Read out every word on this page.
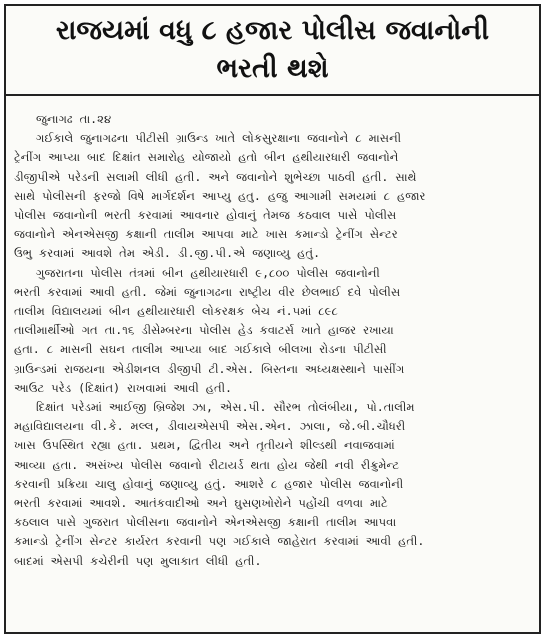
રાજયમાં વધુ ૮ હજાર પોલીસ જવાનોની
ભરતી થશે
જુનાગઢ તા.૨૪
ગઈકાલે જુનાગઢના પીટીસી ગ્રાઉન્ડ ખાતે લોકસુરક્ષાના જવાનોને ૮ માસની
ટ્રેનીંગ આપ્યા બાદ દિક્ષાંત સમારોહ યોજાયો હતો બીન હથીયારધારી જવાનોને
ડીજીપીએ પરેડની સલામી લીધી હતી. અને જવાનોને શુભેચ્છા પાઠવી હતી. સાથે
સાથે પોલીસની ફરજો વિષે માર્ગદર્શન આપ્યુ હતુ. હજુ આગામી સમયમાં ૮ હજાર
પોલીસ જવાનોની ભરતી કરવામાં આવનાર હોવાનું તેમજ કઠવાલ પાસે પોલીસ
જવાનોને એનએસજી કક્ષાની તાલીમ આપવા માટે ખાસ કમાન્ડો ટ્રેનીંગ સેન્ટર
ઉભુ કરવામાં આવશે તેમ એડી. ડી.જી.પી.એ જણાવ્યુ હતું.
ગુજરાતના પોલીસ તંત્રમાં બીન હથીયારધારી ૯,૮૦૦ પોલીસ જવાનોની
ભરતી કરવામાં આવી હતી. જેમાં જુનાગઢના રાષ્ટ્રીય વીર છેલભાઈ દવે પોલીસ
તાલીમ વિદ્યાલયમાં બીન હથીયારધારી લોકરક્ષક બેચ નં.૫માં ૮૯૮
તાલીમાર્થીઓ ગત તા.૧૬ ડીસેમ્બરના પોલીસ હેડ કવાટર્સ ખાતે હાજર રખાયા
હતા. ૮ માસની સઘન તાલીમ આપ્યા બાદ ગઈકાલે બીલખા રોડના પીટીસી
ગ્રાઉન્ડમાં રાજયના એડીશનલ ડીજીપી ટી.એસ. બિસ્તના અધ્યક્ષસ્થાને પાસીંગ
આઉટ પરેડ (દિક્ષાંત) રાખવામાં આવી હતી.
દિક્ષાંત પરેડમાં આઈજી બ્રિજેશ ઝા, એસ.પી. સૌરભ તોલંબીયા, પો.તાલીમ
મહાવિદ્યાલયના વી.કે. મલ્લ, ડીવાયએસપી એસ.એન. ઝાલા, જે.બી.ચૌધરી
ખાસ ઉપસ્થિત રહ્યા હતા. પ્રથમ, દ્વિતીય અને તૃતીયને શીલ્ડથી નવાજવામાં
આવ્યા હતા. અસંખ્ય પોલીસ જવાનો રીટાયર્ડ થતા હોય જેથી નવી રીક્રુમેન્ટ
કરવાની પ્રક્રિયા ચાલુ હોવાનું જણાવ્યુ હતું. આશરે ૮ હજાર પોલીસ જવાનોની
ભરતી કરવામાં આવશે. આતંકવાદીઓ અને ઘુસણખોરોને પહોંચી વળવા માટે
કઠલાલ પાસે ગુજરાત પોલીસના જવાનોને એનએસજી કક્ષાની તાલીમ આપવા
કમાન્ડો ટ્રેનીંગ સેન્ટર કાર્યરત કરવાની પણ ગઈકાલે જાહેરાત કરવામાં આવી હતી.
બાદમાં એસપી કચેરીની પણ મુલાકાત લીધી હતી.
